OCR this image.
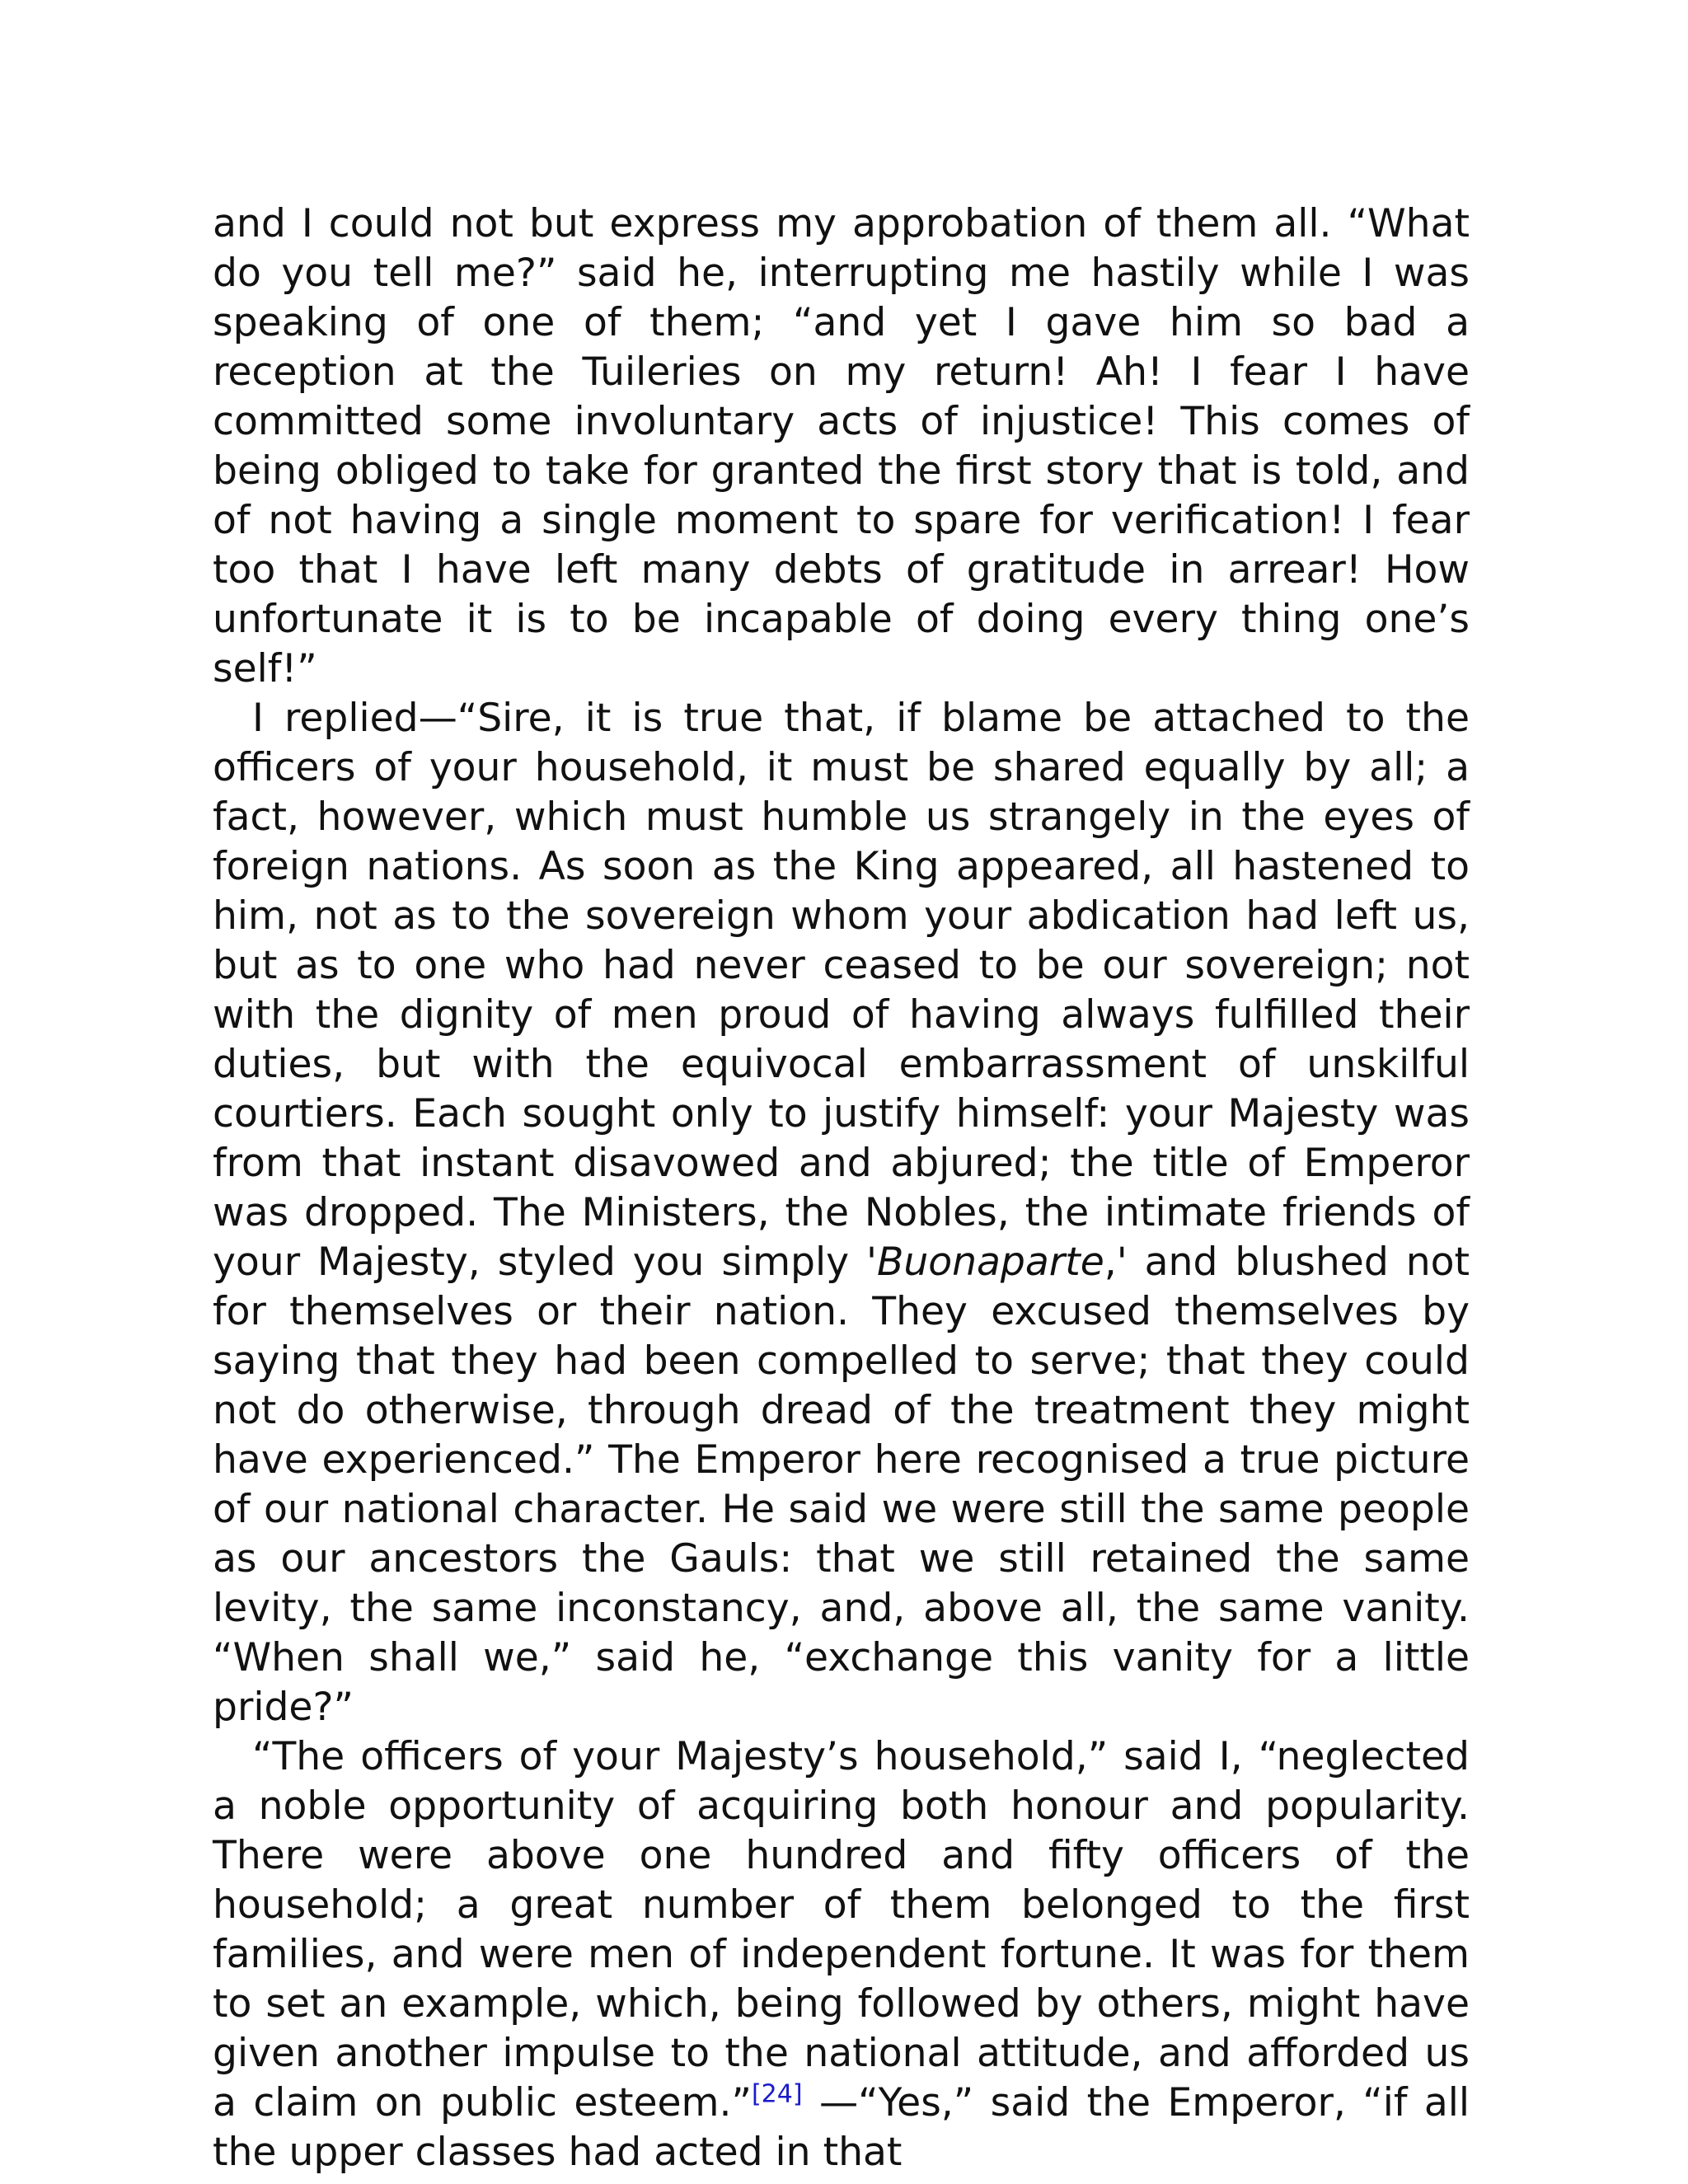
and I could not but express my approbation of them all. “What do you tell me?” said he, interrupting me hastily while I was speaking of one of them; “and yet I gave him so bad a reception at the Tuileries on my return! Ah! I fear I have committed some involuntary acts of injustice! This comes of being obliged to take for granted the first story that is told, and of not having a single moment to spare for verification! I fear too that I have left many debts of gratitude in arrear! How unfortunate it is to be incapable of doing every thing one’s self!”

I replied—“Sire, it is true that, if blame be attached to the officers of your household, it must be shared equally by all; a fact, however, which must humble us strangely in the eyes of foreign nations. As soon as the King appeared, all hastened to him, not as to the sovereign whom your abdication had left us, but as to one who had never ceased to be our sovereign; not with the dignity of men proud of having always fulfilled their duties, but with the equivocal embarrassment of unskilful courtiers. Each sought only to justify himself: your Majesty was from that instant disavowed and abjured; the title of Emperor was dropped. The Ministers, the Nobles, the intimate friends of your Majesty, styled you simply 'Buonaparte,' and blushed not for themselves or their nation. They excused themselves by saying that they had been compelled to serve; that they could not do otherwise, through dread of the treatment they might have experienced.” The Emperor here recognised a true picture of our national character. He said we were still the same people as our ancestors the Gauls: that we still retained the same levity, the same inconstancy, and, above all, the same vanity. “When shall we,” said he, “exchange this vanity for a little pride?”

“The officers of your Majesty’s household,” said I, “neglected a noble opportunity of acquiring both honour and popularity. There were above one hundred and fifty officers of the household; a great number of them belonged to the first families, and were men of independent fortune. It was for them to set an example, which, being followed by others, might have given another impulse to the national attitude, and afforded us a claim on public esteem.”[24] —“Yes,” said the Emperor, “if all the upper classes had acted in that
